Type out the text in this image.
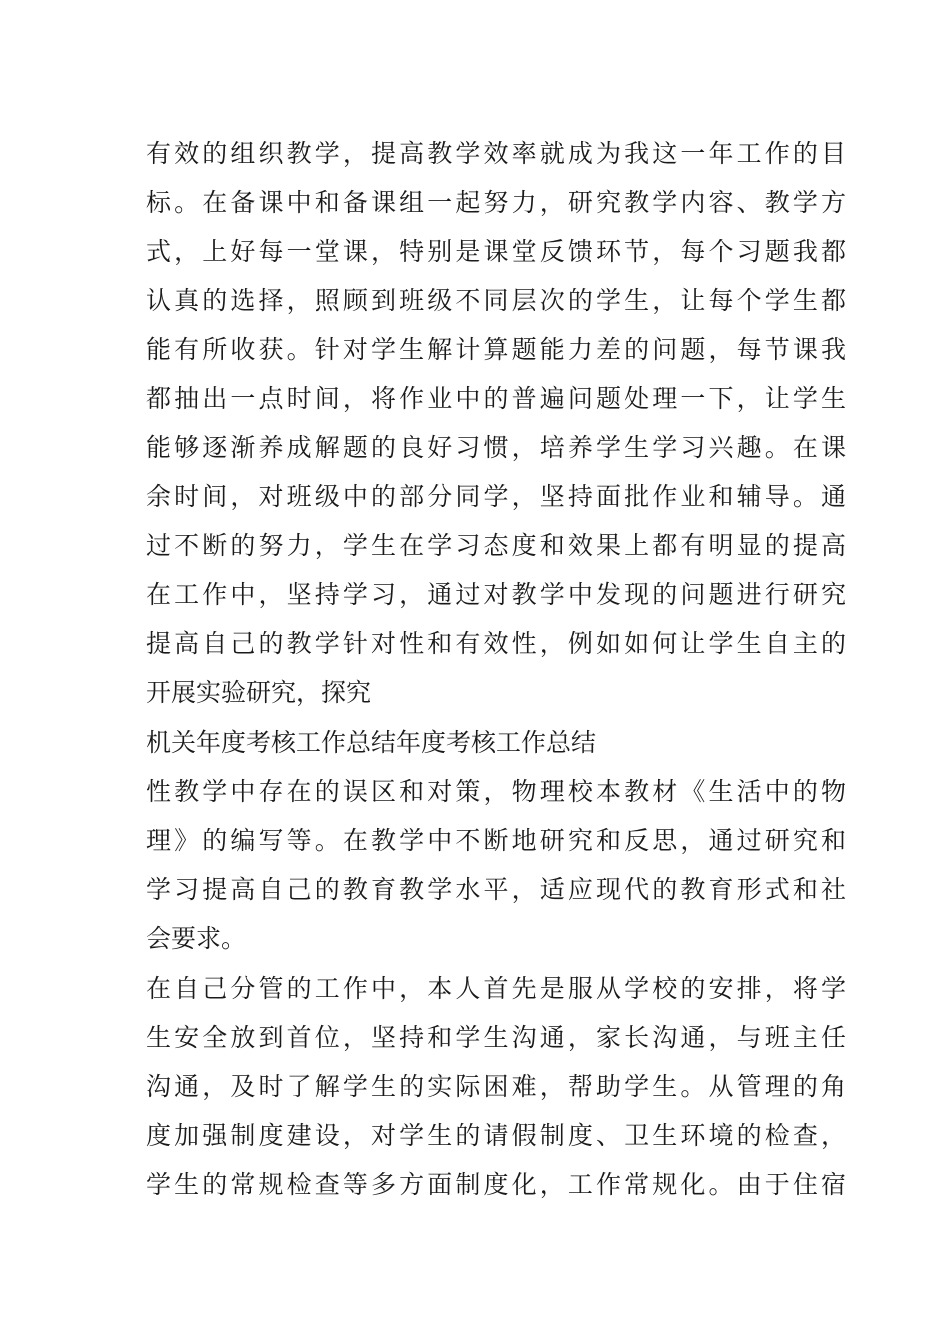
有效的组织教学，提高教学效率就成为我这一年工作的目
标。在备课中和备课组一起努力，研究教学内容、教学方
式，上好每一堂课，特别是课堂反馈环节，每个习题我都
认真的选择，照顾到班级不同层次的学生，让每个学生都
能有所收获。针对学生解计算题能力差的问题，每节课我
都抽出一点时间，将作业中的普遍问题处理一下，让学生
能够逐渐养成解题的良好习惯，培养学生学习兴趣。在课
余时间，对班级中的部分同学，坚持面批作业和辅导。通
过不断的努力，学生在学习态度和效果上都有明显的提高
在工作中，坚持学习，通过对教学中发现的问题进行研究
提高自己的教学针对性和有效性，例如如何让学生自主的
开展实验研究，探究
机关年度考核工作总结年度考核工作总结
性教学中存在的误区和对策，物理校本教材《生活中的物
理》的编写等。在教学中不断地研究和反思，通过研究和
学习提高自己的教育教学水平，适应现代的教育形式和社
会要求。
在自己分管的工作中，本人首先是服从学校的安排，将学
生安全放到首位，坚持和学生沟通，家长沟通，与班主任
沟通，及时了解学生的实际困难，帮助学生。从管理的角
度加强制度建设，对学生的请假制度、卫生环境的检查，
学生的常规检查等多方面制度化，工作常规化。由于住宿
